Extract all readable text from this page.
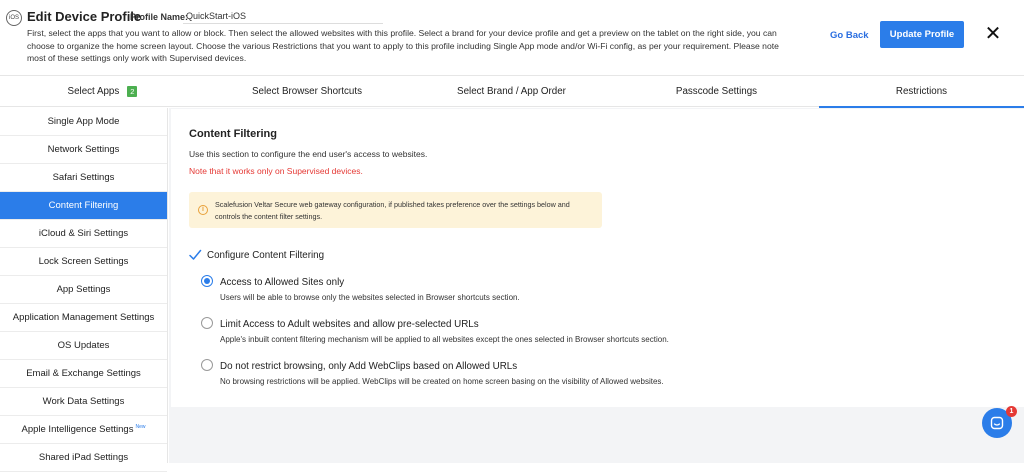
iOS Edit Device Profile
Profile Name:
QuickStart-iOS
First, select the apps that you want to allow or block. Then select the allowed websites with this profile. Select a brand for your device profile and get a preview on the tablet on the right side, you can choose to organize the home screen layout. Choose the various Restrictions that you want to apply to this profile including Single App mode and/or Wi-Fi config, as per your requirement. Please note most of these settings only work with Supervised devices.
Go Back	Update Profile	✕
Select Apps	2	Select Browser Shortcuts	Select Brand / App Order	Passcode Settings	Restrictions
Single App Mode
Network Settings
Safari Settings
Content Filtering
iCloud & Siri Settings
Lock Screen Settings
App Settings
Application Management Settings
OS Updates
Email & Exchange Settings
Work Data Settings
Apple Intelligence Settings $^{New}$
Shared iPad Settings
Content Filtering
Use this section to configure the end user's access to websites.
Note that it works only on Supervised devices.
i
Scalefusion Veltar Secure web gateway configuration, if published takes preference over the settings below and controls the content filter settings.
Configure Content Filtering
Access to Allowed Sites only
Users will be able to browse only the websites selected in Browser shortcuts section.
Limit Access to Adult websites and allow pre-selected URLs
Apple's inbuilt content filtering mechanism will be applied to all websites except the ones selected in Browser shortcuts section.
Do not restrict browsing, only Add WebClips based on Allowed URLs
No browsing restrictions will be applied. WebClips will be created on home screen basing on the visibility of Allowed websites.
1
